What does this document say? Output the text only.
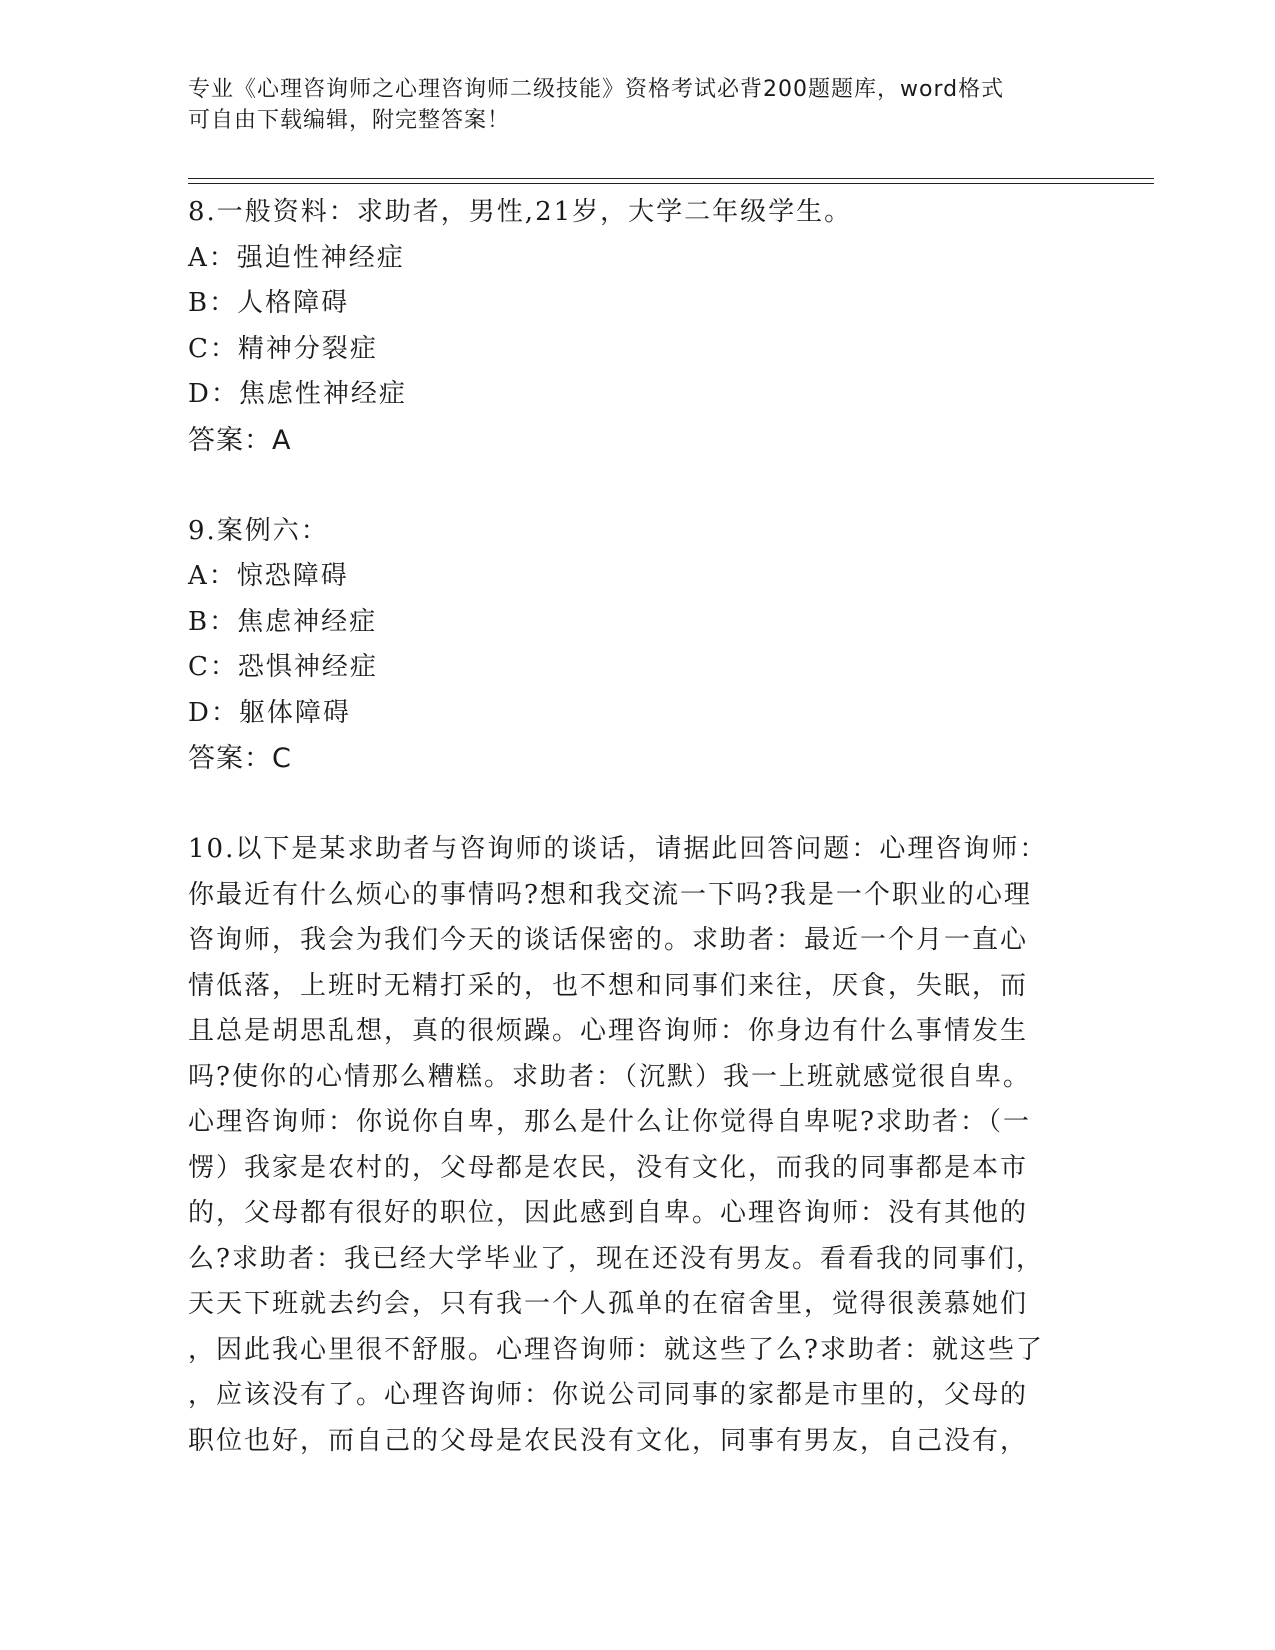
专业《心理咨询师之心理咨询师二级技能》资格考试必背200题题库，word格式
可自由下载编辑，附完整答案！
8.一般资料：求助者，男性,21岁，大学二年级学生。
A：强迫性神经症
B：人格障碍
C：精神分裂症
D：焦虑性神经症
答案：A
9.案例六：
A：惊恐障碍
B：焦虑神经症
C：恐惧神经症
D：躯体障碍
答案：C
10.以下是某求助者与咨询师的谈话，请据此回答问题：心理咨询师：
你最近有什么烦心的事情吗?想和我交流一下吗?我是一个职业的心理
咨询师，我会为我们今天的谈话保密的。求助者：最近一个月一直心
情低落，上班时无精打采的，也不想和同事们来往，厌食，失眠，而
且总是胡思乱想，真的很烦躁。心理咨询师：你身边有什么事情发生
吗?使你的心情那么糟糕。求助者：（沉默）我一上班就感觉很自卑。
心理咨询师：你说你自卑，那么是什么让你觉得自卑呢?求助者：（一
愣）我家是农村的，父母都是农民，没有文化，而我的同事都是本市
的，父母都有很好的职位，因此感到自卑。心理咨询师：没有其他的
么?求助者：我已经大学毕业了，现在还没有男友。看看我的同事们，
天天下班就去约会，只有我一个人孤单的在宿舍里，觉得很羡慕她们
，因此我心里很不舒服。心理咨询师：就这些了么?求助者：就这些了
，应该没有了。心理咨询师：你说公司同事的家都是市里的，父母的
职位也好，而自己的父母是农民没有文化，同事有男友，自己没有，
